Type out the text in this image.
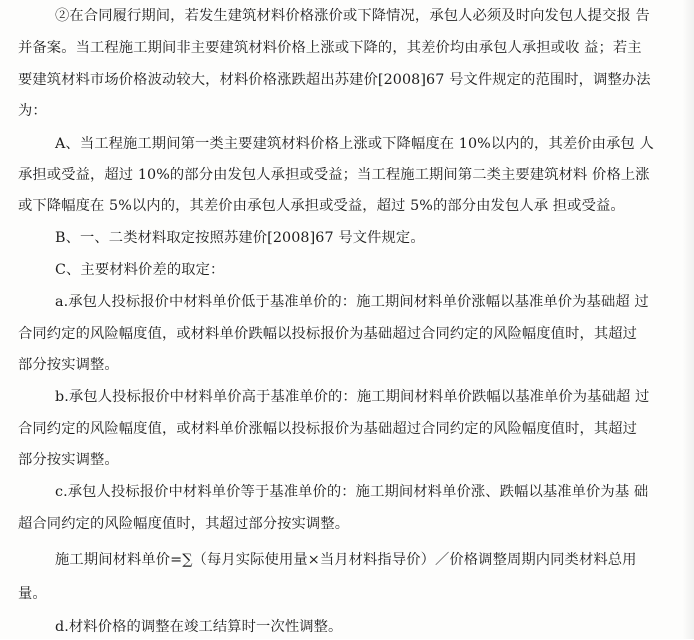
②在合同履行期间，若发生建筑材料价格涨价或下降情况，承包人必须及时向发包人提交报 告

并备案。当工程施工期间非主要建筑材料价格上涨或下降的，其差价均由承包人承担或收 益；若主

要建筑材料市场价格波动较大，材料价格涨跌超出苏建价[2008]67 号文件规定的范围时，调整办法

为：

A、当工程施工期间第一类主要建筑材料价格上涨或下降幅度在 10%以内的，其差价由承包 人

承担或受益，超过 10%的部分由发包人承担或受益；当工程施工期间第二类主要建筑材料 价格上涨

或下降幅度在 5%以内的，其差价由承包人承担或受益，超过 5%的部分由发包人承 担或受益。

B、一、二类材料取定按照苏建价[2008]67 号文件规定。

C、主要材料价差的取定：

a.承包人投标报价中材料单价低于基准单价的：施工期间材料单价涨幅以基准单价为基础超 过

合同约定的风险幅度值，或材料单价跌幅以投标报价为基础超过合同约定的风险幅度值时，其超过

部分按实调整。

b.承包人投标报价中材料单价高于基准单价的：施工期间材料单价跌幅以基准单价为基础超 过

合同约定的风险幅度值，或材料单价涨幅以投标报价为基础超过合同约定的风险幅度值时，其超过

部分按实调整。

c.承包人投标报价中材料单价等于基准单价的：施工期间材料单价涨、跌幅以基准单价为基 础

超合同约定的风险幅度值时，其超过部分按实调整。

施工期间材料单价=∑（每月实际使用量×当月材料指导价）／价格调整周期内同类材料总用

量。

d.材料价格的调整在竣工结算时一次性调整。
